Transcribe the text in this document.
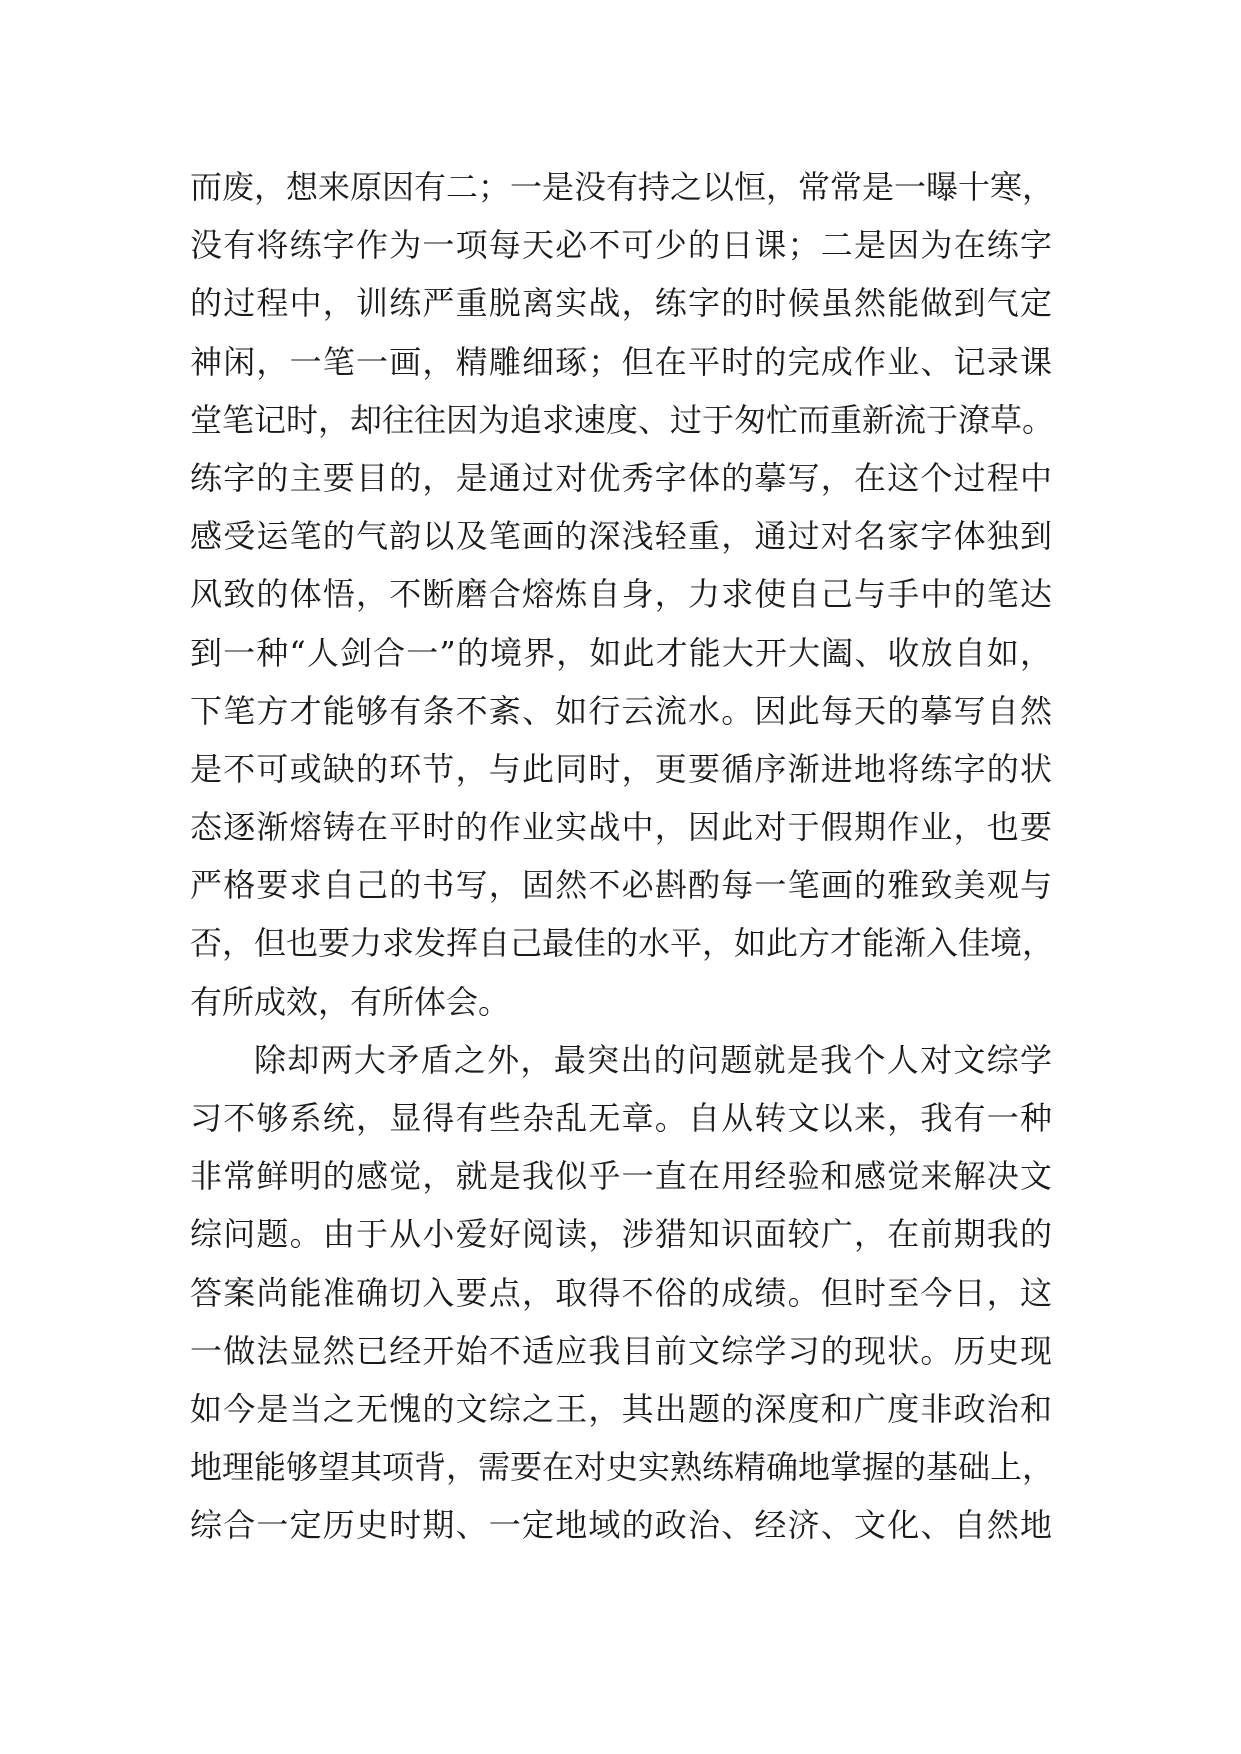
而废，想来原因有二；一是没有持之以恒，常常是一曝十寒，
没有将练字作为一项每天必不可少的日课；二是因为在练字
的过程中，训练严重脱离实战，练字的时候虽然能做到气定
神闲，一笔一画，精雕细琢；但在平时的完成作业、记录课
堂笔记时，却往往因为追求速度、过于匆忙而重新流于潦草。
练字的主要目的，是通过对优秀字体的摹写，在这个过程中
感受运笔的气韵以及笔画的深浅轻重，通过对名家字体独到
风致的体悟，不断磨合熔炼自身，力求使自己与手中的笔达
到一种“人剑合一”的境界，如此才能大开大阖、收放自如，
下笔方才能够有条不紊、如行云流水。因此每天的摹写自然
是不可或缺的环节，与此同时，更要循序渐进地将练字的状
态逐渐熔铸在平时的作业实战中，因此对于假期作业，也要
严格要求自己的书写，固然不必斟酌每一笔画的雅致美观与
否，但也要力求发挥自己最佳的水平，如此方才能渐入佳境，
有所成效，有所体会。
除却两大矛盾之外，最突出的问题就是我个人对文综学
习不够系统，显得有些杂乱无章。自从转文以来，我有一种
非常鲜明的感觉，就是我似乎一直在用经验和感觉来解决文
综问题。由于从小爱好阅读，涉猎知识面较广，在前期我的
答案尚能准确切入要点，取得不俗的成绩。但时至今日，这
一做法显然已经开始不适应我目前文综学习的现状。历史现
如今是当之无愧的文综之王，其出题的深度和广度非政治和
地理能够望其项背，需要在对史实熟练精确地掌握的基础上，
综合一定历史时期、一定地域的政治、经济、文化、自然地
